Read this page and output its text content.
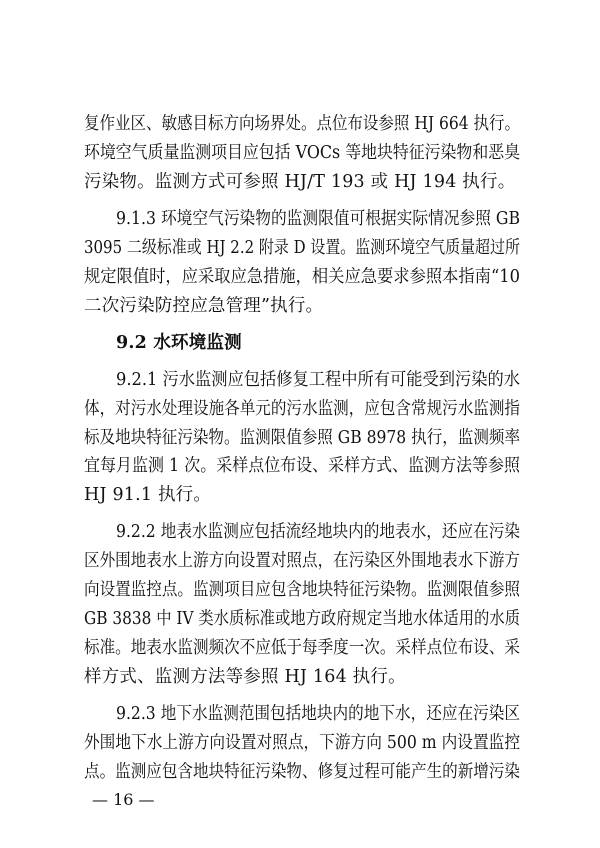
复作业区、敏感目标方向场界处。点位布设参照 HJ 664 执行。
环境空气质量监测项目应包括 VOCs 等地块特征污染物和恶臭
污染物。监测方式可参照 HJ/T 193 或 HJ 194 执行。
9.1.3 环境空气污染物的监测限值可根据实际情况参照 GB
3095 二级标准或 HJ 2.2 附录 D 设置。监测环境空气质量超过所
规定限值时，应采取应急措施，相关应急要求参照本指南“10
二次污染防控应急管理”执行。
9.2 水环境监测
9.2.1 污水监测应包括修复工程中所有可能受到污染的水
体，对污水处理设施各单元的污水监测，应包含常规污水监测指
标及地块特征污染物。监测限值参照 GB 8978 执行，监测频率
宜每月监测 1 次。采样点位布设、采样方式、监测方法等参照
HJ 91.1 执行。
9.2.2 地表水监测应包括流经地块内的地表水，还应在污染
区外围地表水上游方向设置对照点，在污染区外围地表水下游方
向设置监控点。监测项目应包含地块特征污染物。监测限值参照
GB 3838 中 IV 类水质标准或地方政府规定当地水体适用的水质
标准。地表水监测频次不应低于每季度一次。采样点位布设、采
样方式、监测方法等参照 HJ 164 执行。
9.2.3 地下水监测范围包括地块内的地下水，还应在污染区
外围地下水上游方向设置对照点，下游方向 500 m 内设置监控
点。监测应包含地块特征污染物、修复过程可能产生的新增污染
— 16 —
